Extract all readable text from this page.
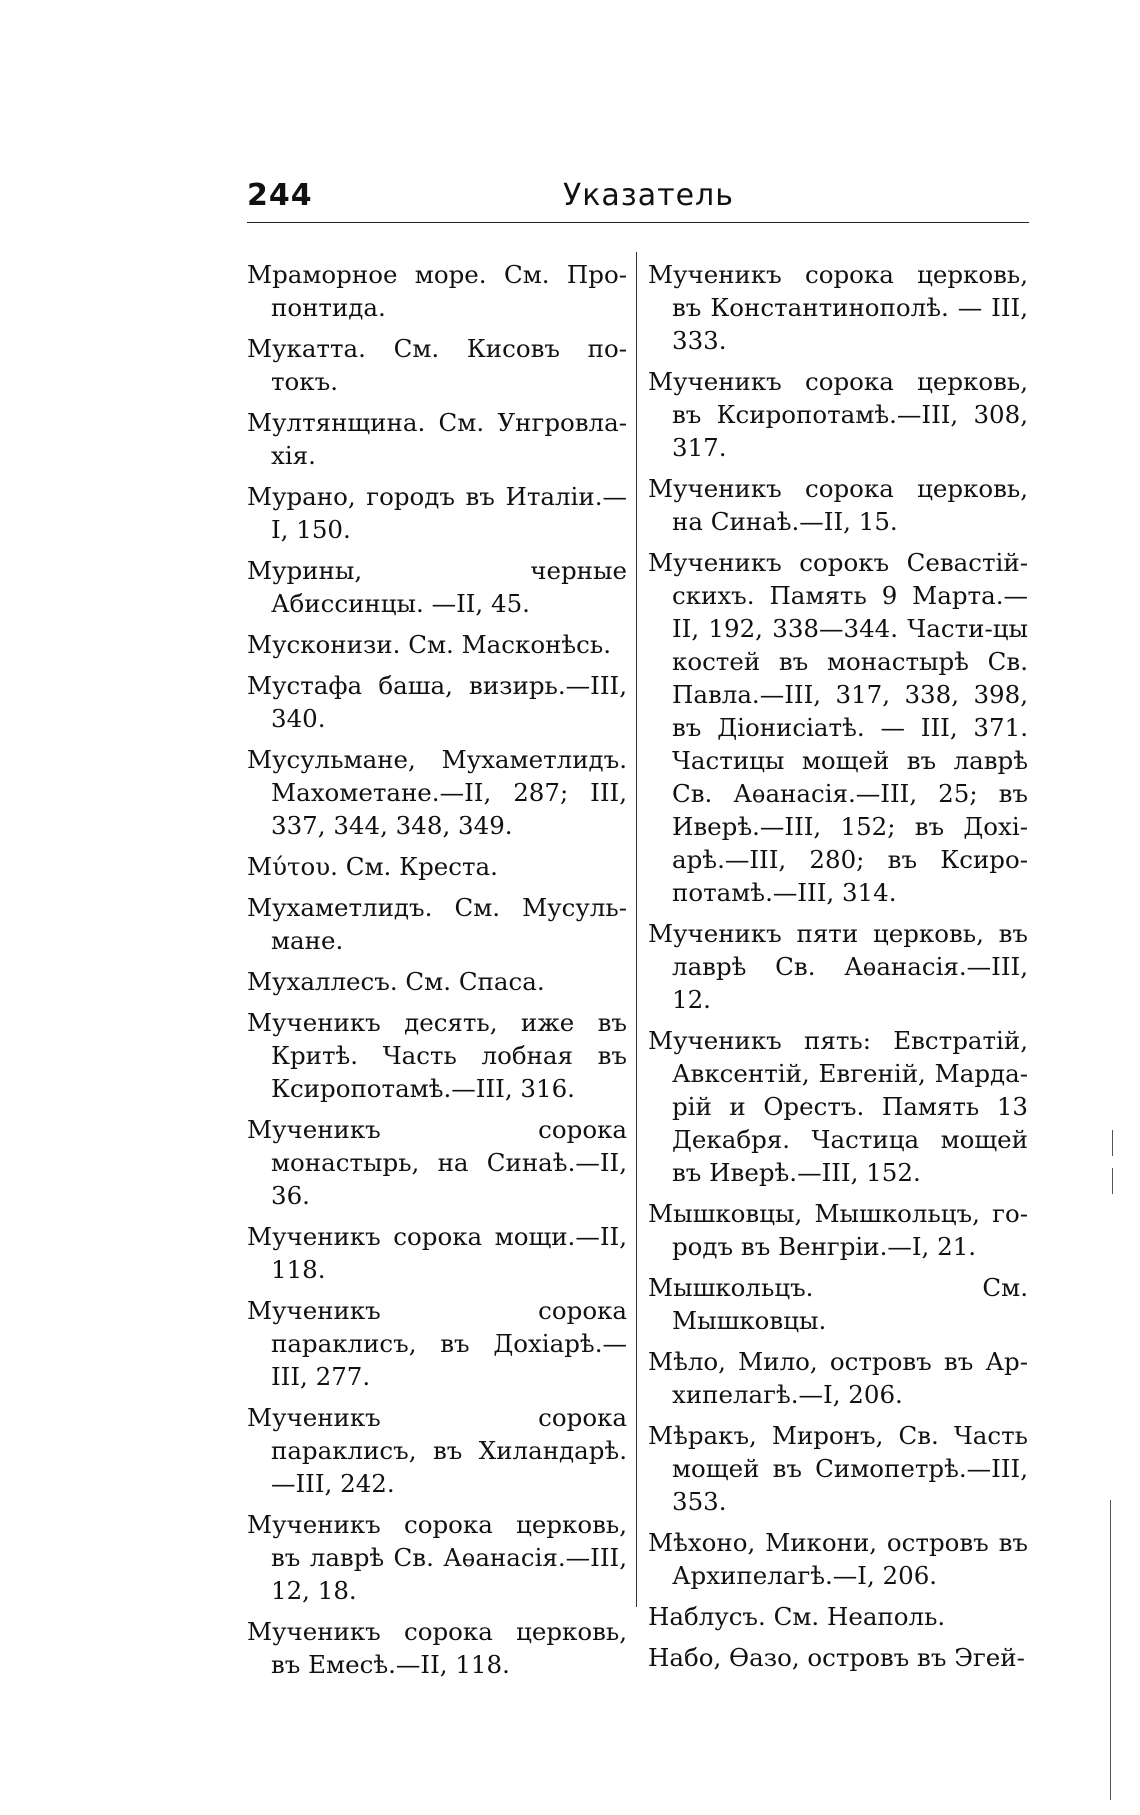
244	Указатель

Мраморное море. См. Про-понтида.

Мукатта. См. Кисовъ по-токъ.

Мултянщина. См. Унгровла-хія.

Мурано, городъ въ Италіи.— I, 150.

Мурины, черные Абиссинцы. —II, 45.

Мусконизи. См. Масконѣсь.

Мустафа баша, визирь.—III, 340.

Мусульмане, Мухаметлидъ. Махометане.—II, 287; III, 337, 344, 348, 349.

Μύτου. См. Креста.

Мухаметлидъ. См. Мусуль-мане.

Мухаллесъ. См. Спаса.

Мученикъ десять, иже въ Критѣ. Часть лобная въ Ксиропотамѣ.—III, 316.

Мученикъ сорока монастырь, на Синаѣ.—II, 36.

Мученикъ сорока мощи.—II, 118.

Мученикъ сорока параклисъ, въ Дохіарѣ.—III, 277.

Мученикъ сорока параклисъ, въ Хиландарѣ.—III, 242.

Мученикъ сорока церковь, въ лаврѣ Св. Аѳанасія.—III, 12, 18.

Мученикъ сорока церковь, въ Емесѣ.—II, 118.

Мученикъ сорока церковь, въ Константинополѣ. — III, 333.

Мученикъ сорока церковь, въ Ксиропотамѣ.—III, 308, 317.

Мученикъ сорока церковь, на Синаѣ.—II, 15.

Мученикъ сорокъ Севастій-скихъ. Память 9 Марта.— II, 192, 338—344. Части-цы костей въ монастырѣ Св. Павла.—III, 317, 338, 398, въ Діонисіатѣ. — III, 371. Частицы мощей въ лаврѣ Св. Аѳанасія.—III, 25; въ Иверѣ.—III, 152; въ Дохі-арѣ.—III, 280; въ Ксиро-потамѣ.—III, 314.

Мученикъ пяти церковь, въ лаврѣ Св. Аѳанасія.—III, 12.

Мученикъ пять: Евстратій, Авксентій, Евгеній, Марда-рій и Орестъ. Память 13 Декабря. Частица мощей въ Иверѣ.—III, 152.

Мышковцы, Мышкольцъ, го-родъ въ Венгріи.—I, 21.

Мышкольцъ. См. Мышковцы.

Мѣло, Мило, островъ въ Ар-хипелагѣ.—I, 206.

Мѣракъ, Миронъ, Св. Часть мощей въ Симопетрѣ.—III, 353.

Мѣхоно, Микони, островъ въ Архипелагѣ.—I, 206.

Наблусъ. См. Неаполь.

Набо, Ѳазо, островъ въ Эгей-
